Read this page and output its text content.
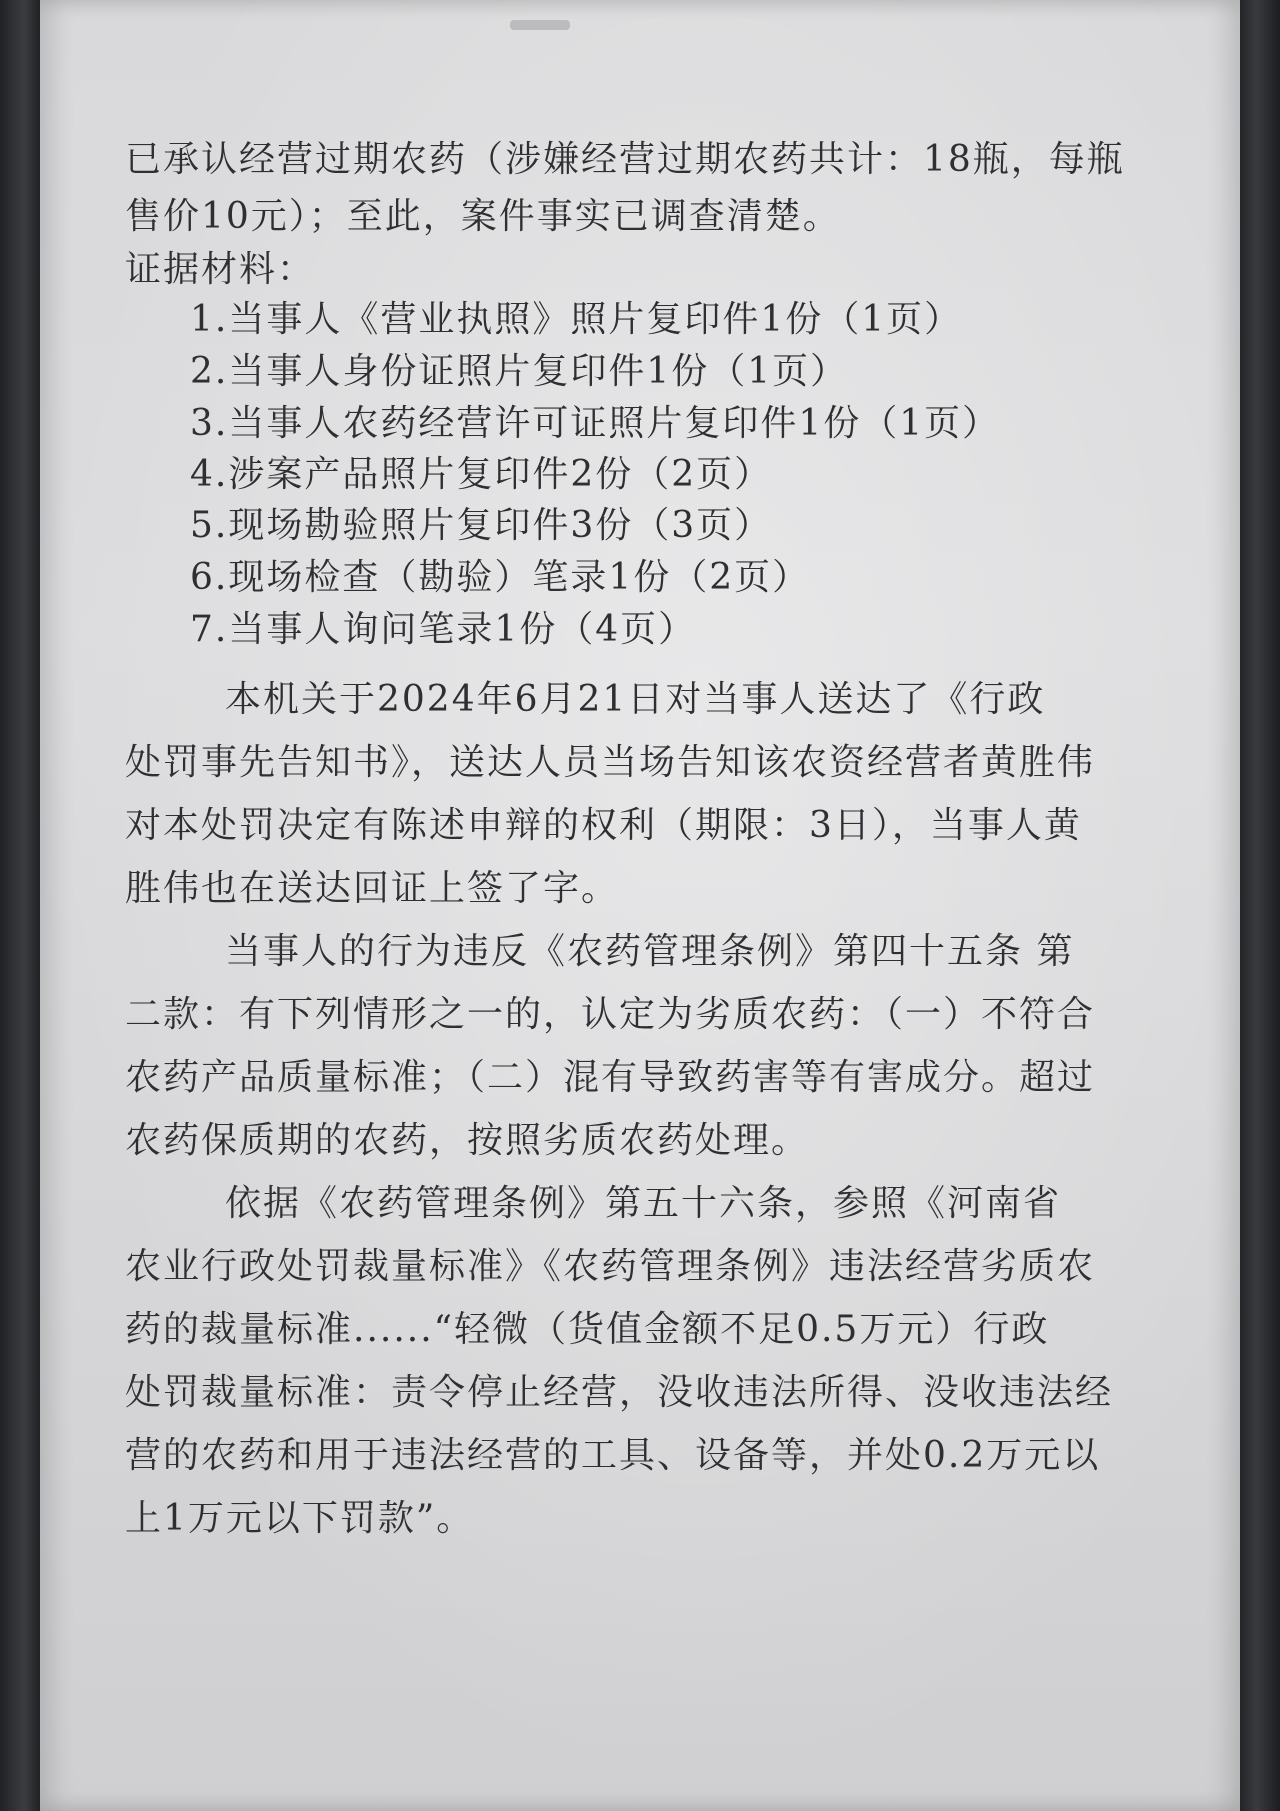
已承认经营过期农药（涉嫌经营过期农药共计：18瓶，每瓶
售价10元）；至此，案件事实已调查清楚。
证据材料：
1.当事人《营业执照》照片复印件1份（1页）
2.当事人身份证照片复印件1份（1页）
3.当事人农药经营许可证照片复印件1份（1页）
4.涉案产品照片复印件2份（2页）
5.现场勘验照片复印件3份（3页）
6.现场检查（勘验）笔录1份（2页）
7.当事人询问笔录1份（4页）
本机关于2024年6月21日对当事人送达了《行政
处罚事先告知书》，送达人员当场告知该农资经营者黄胜伟
对本处罚决定有陈述申辩的权利（期限：3日），当事人黄
胜伟也在送达回证上签了字。
当事人的行为违反《农药管理条例》第四十五条 第
二款：有下列情形之一的，认定为劣质农药：（一）不符合
农药产品质量标准；（二）混有导致药害等有害成分。超过
农药保质期的农药，按照劣质农药处理。
依据《农药管理条例》第五十六条，参照《河南省
农业行政处罚裁量标准》《农药管理条例》违法经营劣质农
药的裁量标准......“轻微（货值金额不足0.5万元）行政
处罚裁量标准：责令停止经营，没收违法所得、没收违法经
营的农药和用于违法经营的工具、设备等，并处0.2万元以
上1万元以下罚款”。
